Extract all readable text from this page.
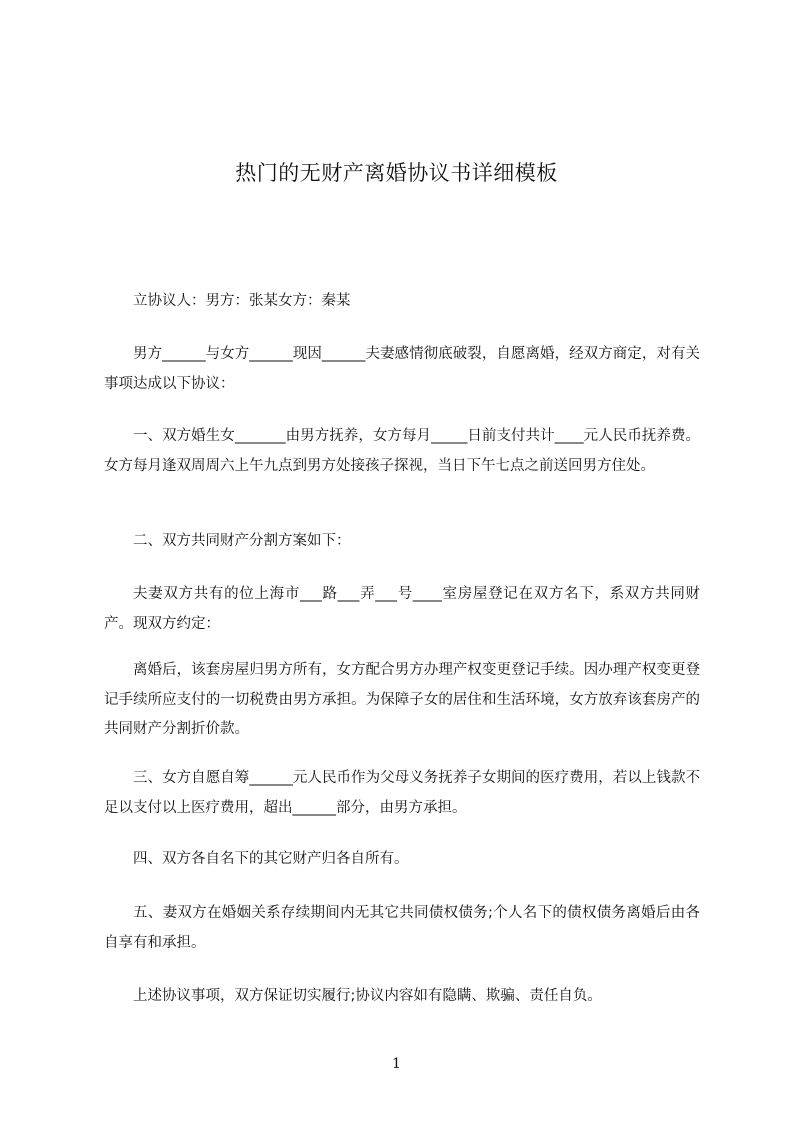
热门的无财产离婚协议书详细模板

立协议人：男方：张某女方：秦某

男方______与女方______现因______夫妻感情彻底破裂，自愿离婚，经双方商定，对有关事项达成以下协议：

一、双方婚生女_______由男方抚养，女方每月_____日前支付共计____元人民币抚养费。女方每月逢双周周六上午九点到男方处接孩子探视，当日下午七点之前送回男方住处。

二、双方共同财产分割方案如下：

夫妻双方共有的位上海市___路___弄___号____室房屋登记在双方名下，系双方共同财产。现双方约定：

离婚后，该套房屋归男方所有，女方配合男方办理产权变更登记手续。因办理产权变更登记手续所应支付的一切税费由男方承担。为保障子女的居住和生活环境，女方放弃该套房产的共同财产分割折价款。

三、女方自愿自筹______元人民币作为父母义务抚养子女期间的医疗费用，若以上钱款不足以支付以上医疗费用，超出______部分，由男方承担。

四、双方各自名下的其它财产归各自所有。

五、妻双方在婚姻关系存续期间内无其它共同债权债务;个人名下的债权债务离婚后由各自享有和承担。

上述协议事项，双方保证切实履行;协议内容如有隐瞒、欺骗、责任自负。

1
